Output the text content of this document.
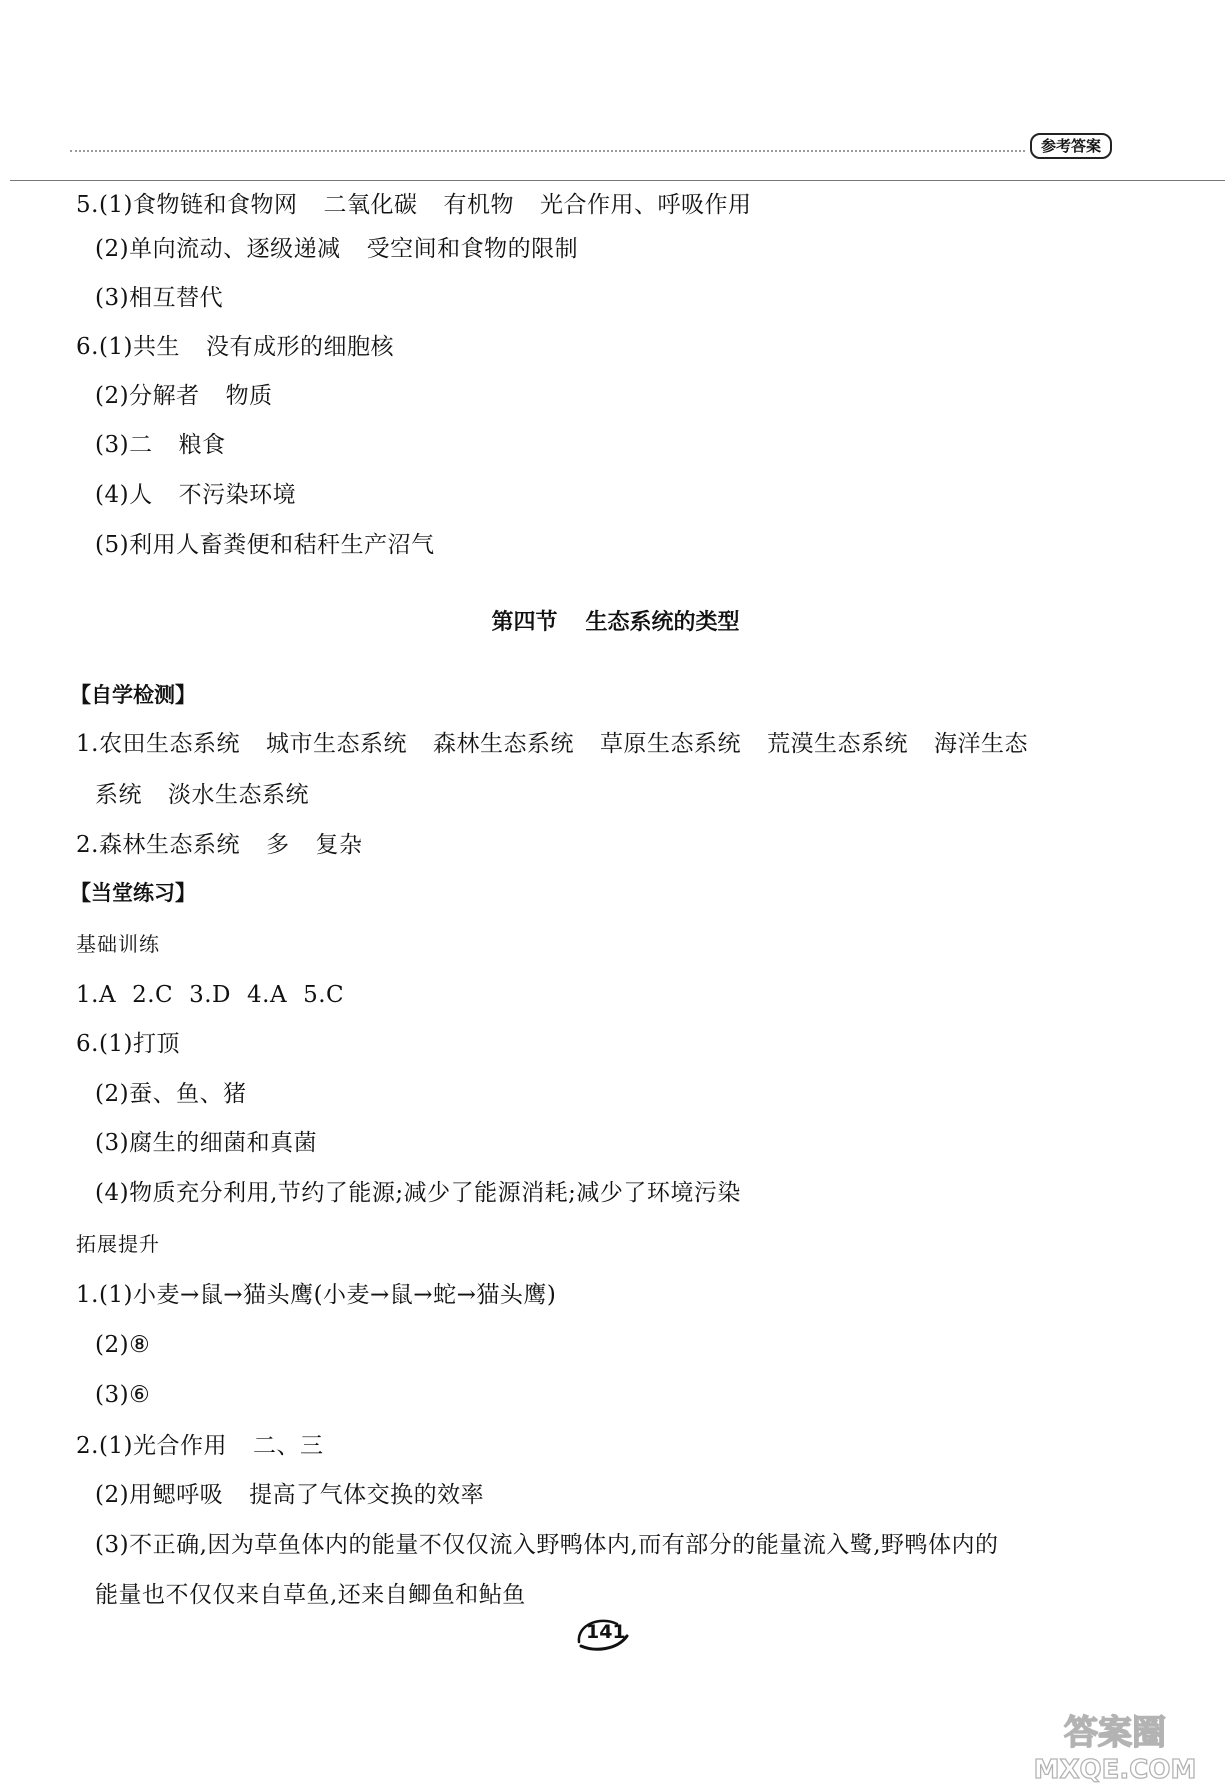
参考答案
5.(1)食物链和食物网 二氧化碳 有机物 光合作用、呼吸作用
(2)单向流动、逐级递减 受空间和食物的限制
(3)相互替代
6.(1)共生 没有成形的细胞核
(2)分解者 物质
(3)二 粮食
(4)人 不污染环境
(5)利用人畜粪便和秸秆生产沼气
第四节 生态系统的类型
【自学检测】
1.农田生态系统 城市生态系统 森林生态系统 草原生态系统 荒漠生态系统 海洋生态
系统 淡水生态系统
2.森林生态系统 多 复杂
【当堂练习】
基础训练
1.A 2.C 3.D 4.A 5.C
6.(1)打顶
(2)蚕、鱼、猪
(3)腐生的细菌和真菌
(4)物质充分利用,节约了能源;减少了能源消耗;减少了环境污染
拓展提升
1.(1)小麦→鼠→猫头鹰(小麦→鼠→蛇→猫头鹰)
(2)⑧
(3)⑥
2.(1)光合作用 二、三
(2)用鳃呼吸 提高了气体交换的效率
(3)不正确,因为草鱼体内的能量不仅仅流入野鸭体内,而有部分的能量流入鹭,野鸭体内的
能量也不仅仅来自草鱼,还来自鲫鱼和鲇鱼
141
答案圈
MXQE.COM
